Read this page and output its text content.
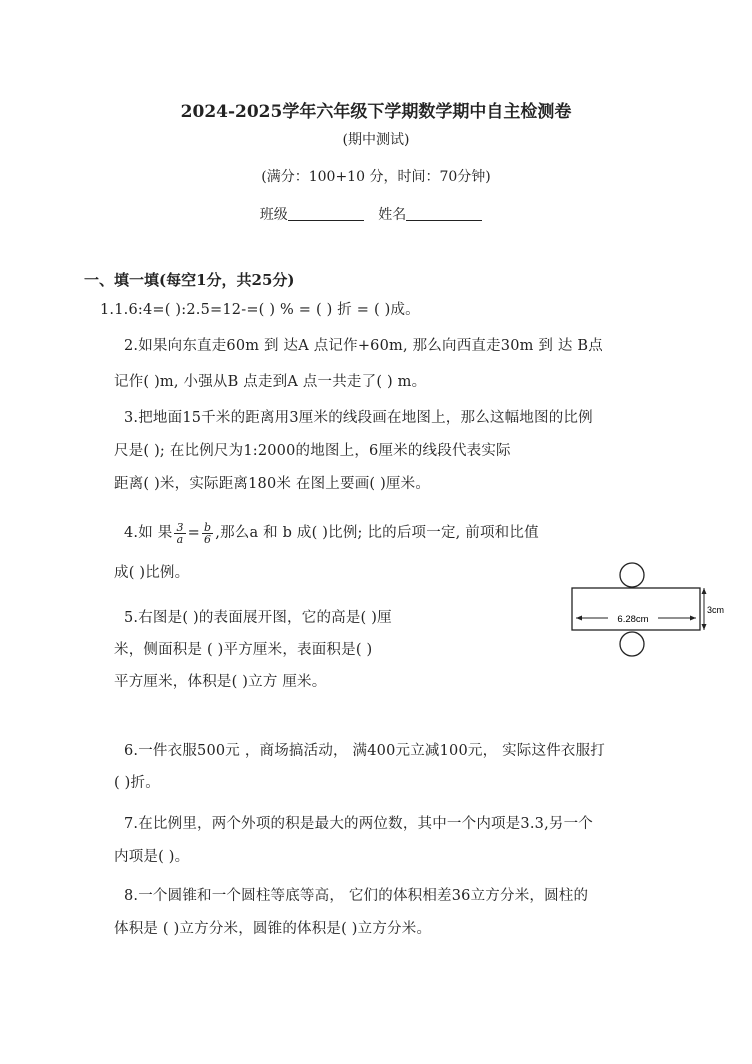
2024-2025学年六年级下学期数学期中自主检测卷
(期中测试)
(满分：100+10 分，时间：70分钟)
班级	姓名
一、填一填(每空1分，共25分)
1.1.6:4=( ):2.5=12-=( ) % = ( ) 折 = ( )成。
2.如果向东直走60m 到 达A 点记作+60m, 那么向西直走30m 到 达 B点
记作( )m, 小强从B 点走到A 点一共走了( ) m。
3.把地面15千米的距离用3厘米的线段画在地图上，那么这幅地图的比例
尺是( ); 在比例尺为1:2000的地图上，6厘米的线段代表实际
距离( )米，实际距离180米 在图上要画( )厘米。
4.如 果 $\frac{3}{a} = \frac{b}{6}$ ,那么a 和 b 成( )比例; 比的后项一定, 前项和比值
成( )比例。
5.右图是( )的表面展开图，它的高是( )厘
米，侧面积是 ( )平方厘米，表面积是( )
平方厘米，体积是( )立方 厘米。
6.28cm
3cm
6.一件衣服500元 ，商场搞活动， 满400元立减100元， 实际这件衣服打
( )折。
7.在比例里，两个外项的积是最大的两位数，其中一个内项是3.3,另一个
内项是( )。
8.一个圆锥和一个圆柱等底等高， 它们的体积相差36立方分米，圆柱的
体积是 ( )立方分米，圆锥的体积是( )立方分米。
